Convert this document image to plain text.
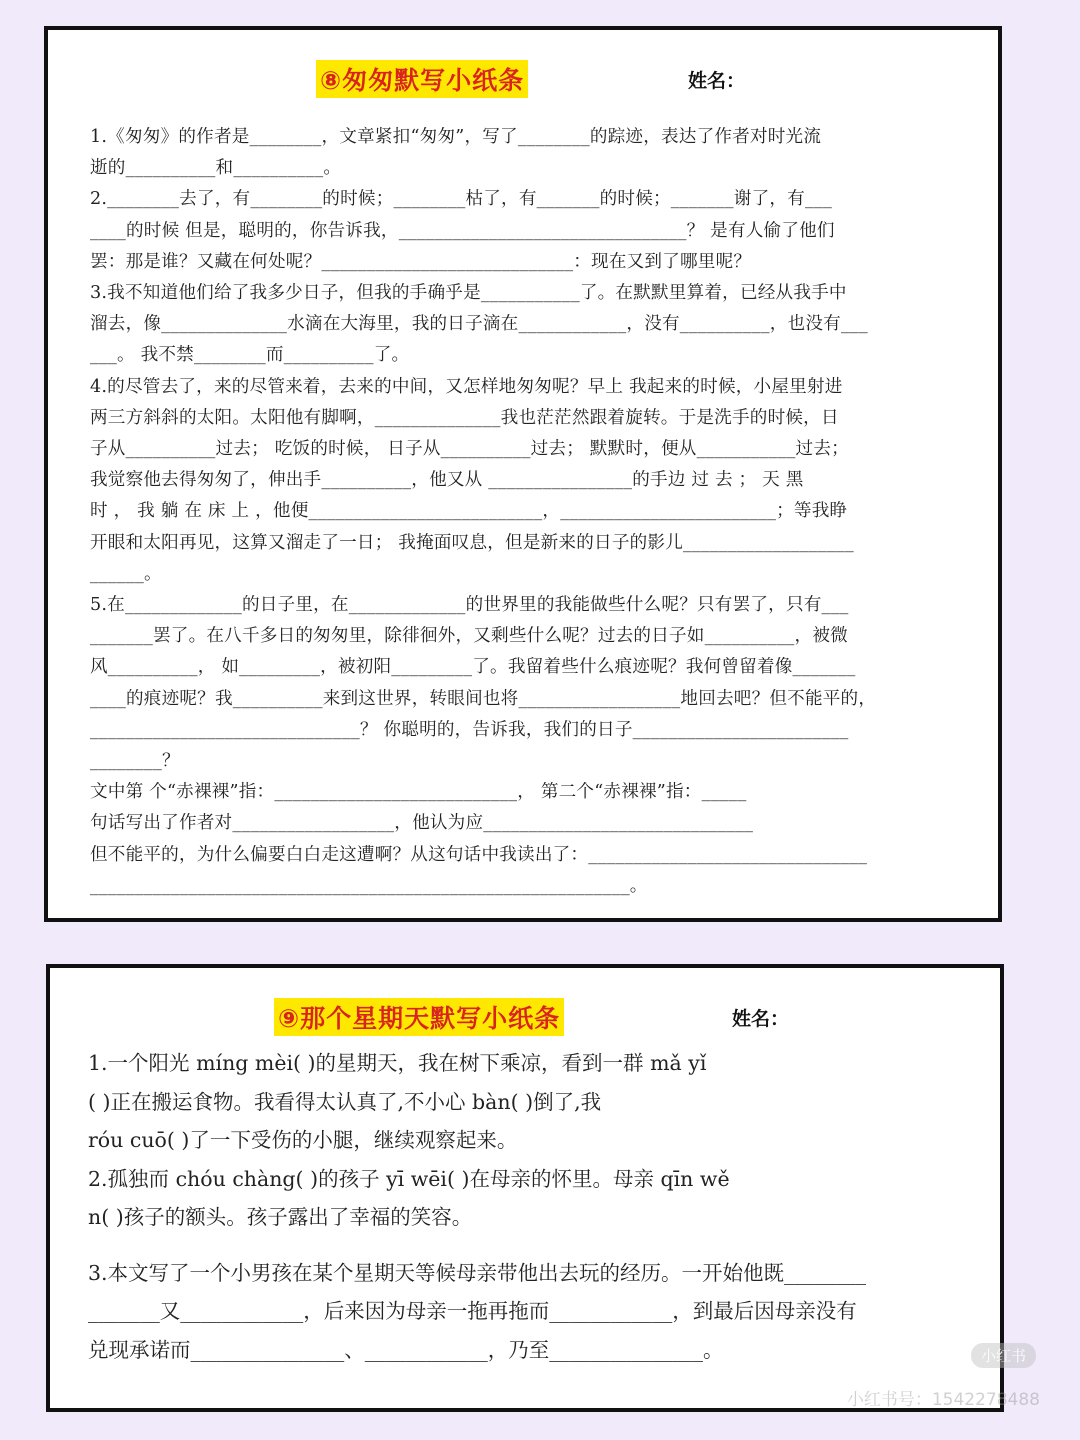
⑧匆匆默写小纸条	姓名：

1.《匆匆》的作者是________，文章紧扣“匆匆”，写了________的踪迹，表达了作者对时光流

逝的__________和__________。

2.________去了，有________的时候；________枯了，有_______的时候；_______谢了，有___

____的时候 但是，聪明的，你告诉我，________________________________？ 是有人偷了他们

罢：那是谁？又藏在何处呢？____________________________：现在又到了哪里呢？

3.我不知道他们给了我多少日子，但我的手确乎是___________了。在默默里算着，已经从我手中

溜去，像______________水滴在大海里，我的日子滴在____________，没有__________，也没有___

___。 我不禁________而__________了。

4.的尽管去了，来的尽管来着，去来的中间，又怎样地匆匆呢？早上 我起来的时候，小屋里射进

两三方斜斜的太阳。太阳他有脚啊，______________我也茫茫然跟着旋转。于是洗手的时候，日

子从__________过去； 吃饭的时候， 日子从__________过去； 默默时，便从___________过去；

我觉察他去得匆匆了，伸出手__________，他又从 ________________的手边 过 去 ； 天 黑

时 ， 我 躺 在 床 上 ，他便__________________________，________________________；等我睁

开眼和太阳再见，这算又溜走了一日； 我掩面叹息，但是新来的日子的影儿___________________

______。

5.在_____________的日子里，在_____________的世界里的我能做些什么呢？只有罢了，只有___

_______罢了。在八千多日的匆匆里，除徘徊外，又剩些什么呢？过去的日子如__________，被微

风__________， 如_________，被初阳_________了。我留着些什么痕迹呢？我何曾留着像_______

____的痕迹呢？我__________来到这世界，转眼间也将__________________地回去吧？但不能平的，

______________________________？ 你聪明的，告诉我，我们的日子________________________

________？

文中第 个“赤裸裸”指：___________________________， 第二个“赤裸裸”指：_____

句话写出了作者对__________________，他认为应______________________________

但不能平的，为什么偏要白白走这遭啊？从这句话中我读出了：_______________________________

____________________________________________________________。

⑨那个星期天默写小纸条	姓名：

1.一个阳光 míng mèi( )的星期天，我在树下乘凉，看到一群 mǎ yǐ

( )正在搬运食物。我看得太认真了,不小心 bàn( )倒了,我

róu cuō( )了一下受伤的小腿，继续观察起来。

2.孤独而 chóu chàng( )的孩子 yī wēi( )在母亲的怀里。母亲 qīn wě

n( )孩子的额头。孩子露出了幸福的笑容。

3.本文写了一个小男孩在某个星期天等候母亲带他出去玩的经历。一开始他既________

_______又____________，后来因为母亲一拖再拖而____________，到最后因母亲没有

兑现承诺而_______________、____________，乃至_______________。	小红书
小红书号：1542278488
